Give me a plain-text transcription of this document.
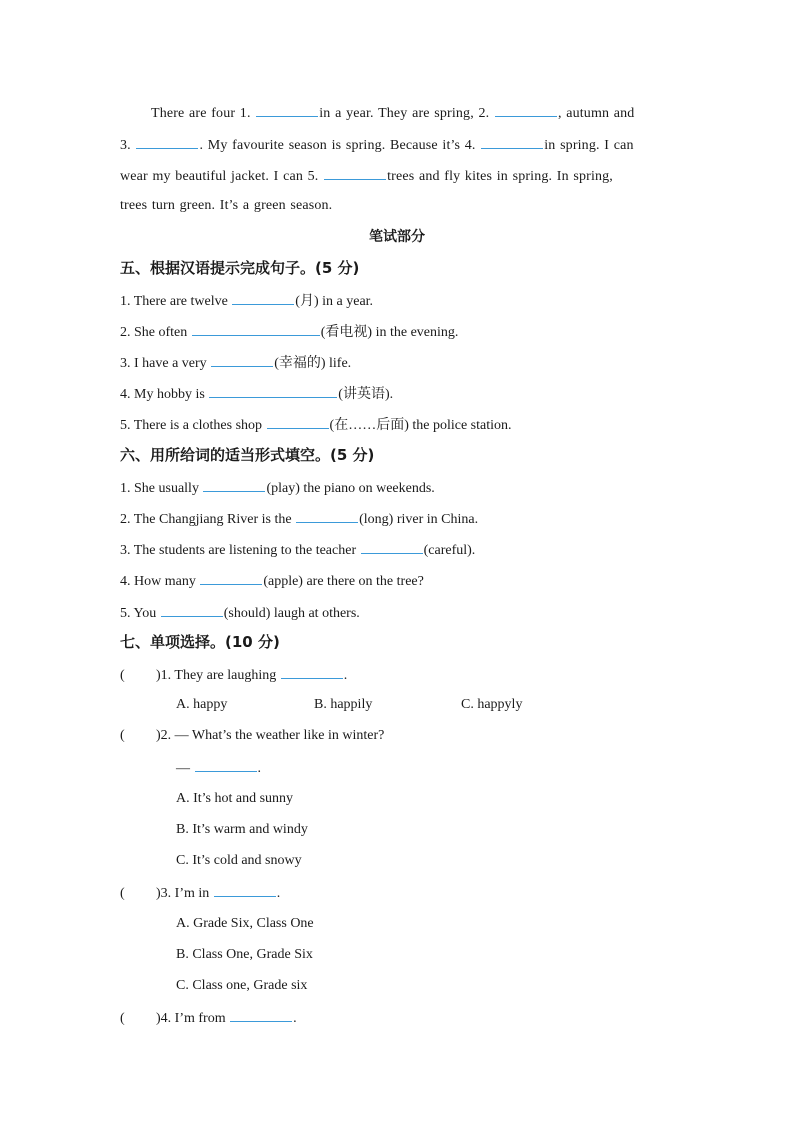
There are four 1.	in a year. They are spring, 2.	, autumn and
3.	. My favourite season is spring. Because it’s 4.	in spring. I can
wear my beautiful jacket. I can 5.	trees and fly kites in spring. In spring,
trees turn green. It’s a green season.
笔试部分
五、根据汉语提示完成句子。(5 分)
1. There are twelve	(月) in a year.
2. She often	(看电视) in the evening.
3. I have a very	(幸福的) life.
4. My hobby is	(讲英语).
5. There is a clothes shop	(在……后面) the police station.
六、用所给词的适当形式填空。(5 分)
1. She usually	(play) the piano on weekends.
2. The Changjiang River is the	(long) river in China.
3. The students are listening to the teacher	(careful).
4. How many	(apple) are there on the tree?
5. You	(should) laugh at others.
七、单项选择。(10 分)
( )1. They are laughing	.
A. happy	B. happily	C. happyly
( )2. — What’s the weather like in winter?
—	.
A. It’s hot and sunny
B. It’s warm and windy
C. It’s cold and snowy
( )3. I’m in	.
A. Grade Six, Class One
B. Class One, Grade Six
C. Class one, Grade six
( )4. I’m from	.
